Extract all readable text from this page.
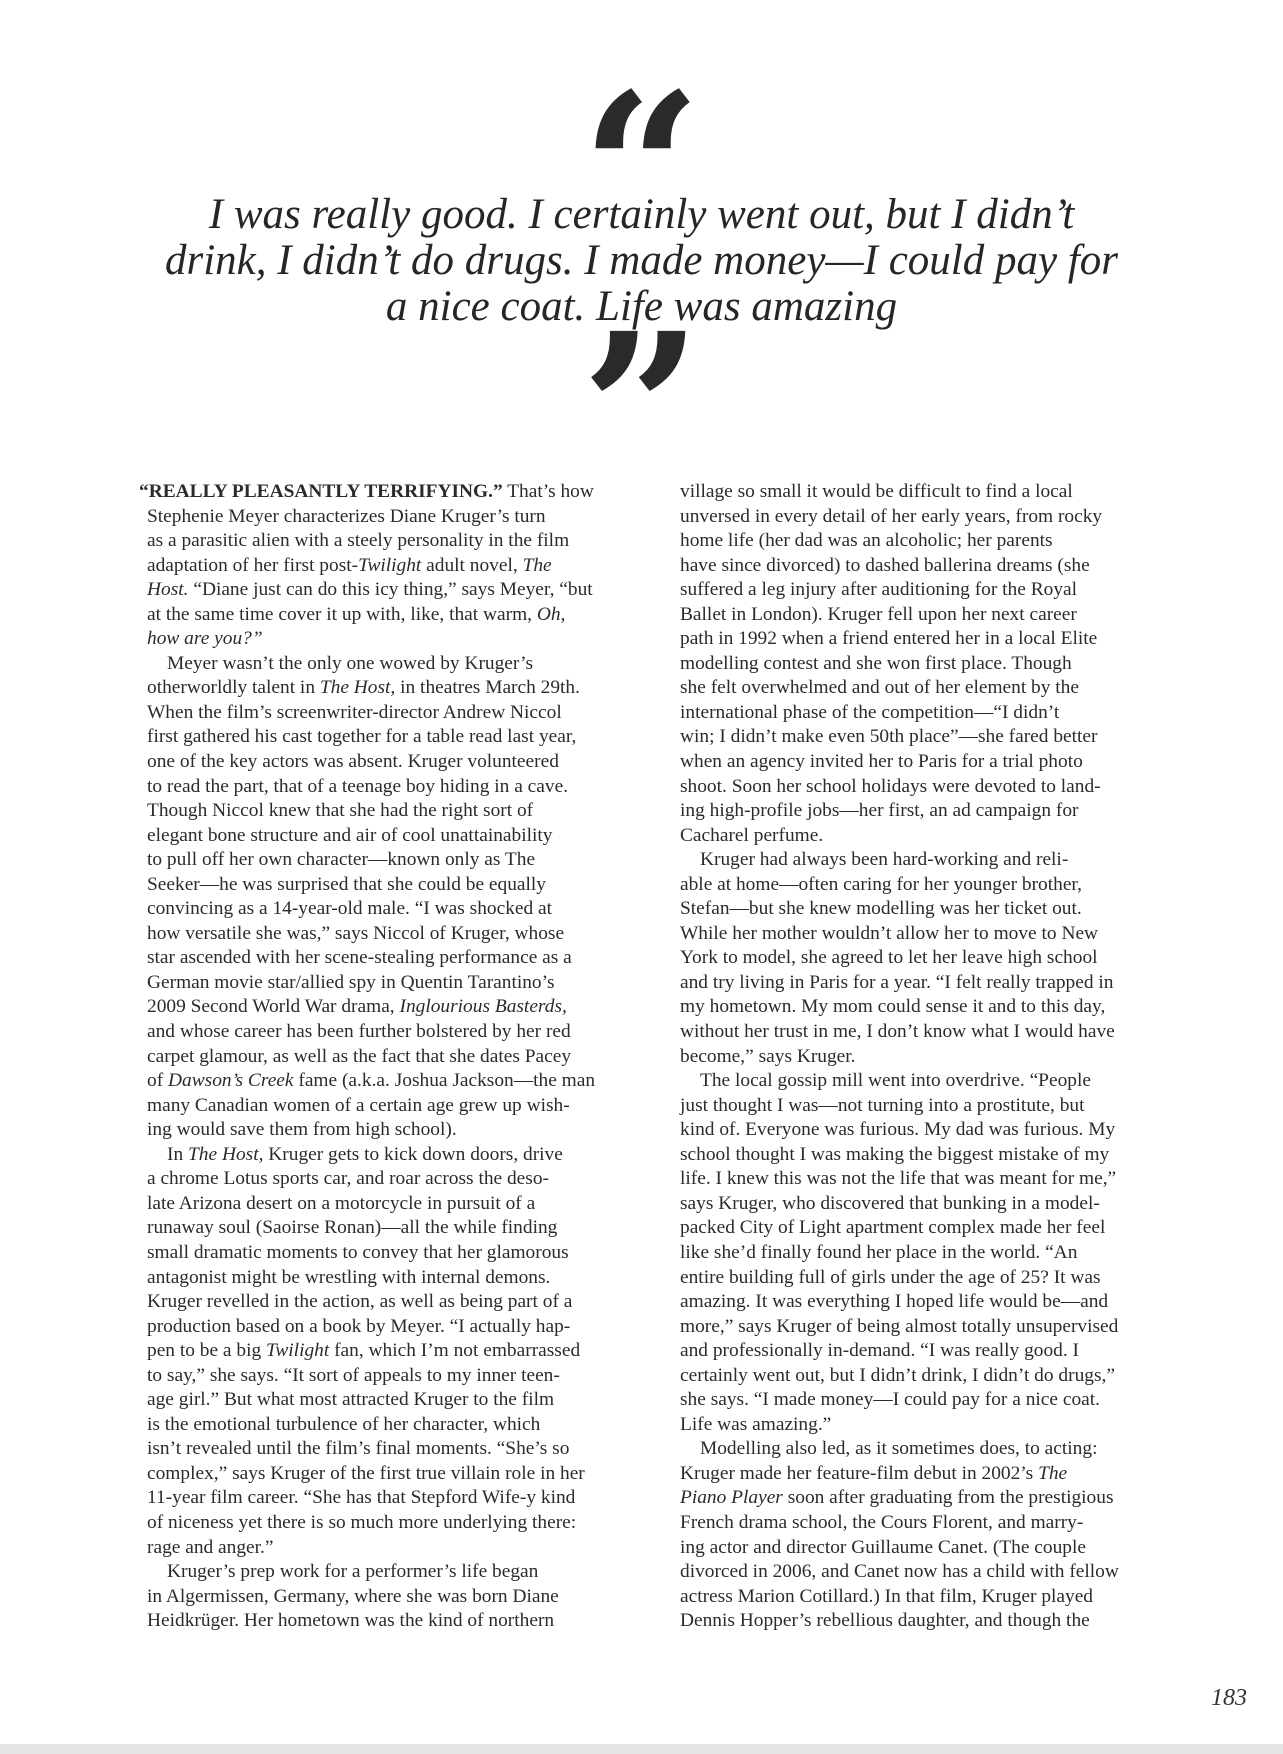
“
I was really good. I certainly went out, but I didn’t
drink, I didn’t do drugs. I made money—I could pay for
a nice coat. Life was amazing
”
“REALLY PLEASANTLY TERRIFYING.” That’s how
Stephenie Meyer characterizes Diane Kruger’s turn
as a parasitic alien with a steely personality in the film
adaptation of her first post-Twilight adult novel, The
Host. “Diane just can do this icy thing,” says Meyer, “but
at the same time cover it up with, like, that warm, Oh,
how are you?”
Meyer wasn’t the only one wowed by Kruger’s
otherworldly talent in The Host, in theatres March 29th.
When the film’s screenwriter-director Andrew Niccol
first gathered his cast together for a table read last year,
one of the key actors was absent. Kruger volunteered
to read the part, that of a teenage boy hiding in a cave.
Though Niccol knew that she had the right sort of
elegant bone structure and air of cool unattainability
to pull off her own character—known only as The
Seeker—he was surprised that she could be equally
convincing as a 14-year-old male. “I was shocked at
how versatile she was,” says Niccol of Kruger, whose
star ascended with her scene-stealing performance as a
German movie star/allied spy in Quentin Tarantino’s
2009 Second World War drama, Inglourious Basterds,
and whose career has been further bolstered by her red
carpet glamour, as well as the fact that she dates Pacey
of Dawson’s Creek fame (a.k.a. Joshua Jackson—the man
many Canadian women of a certain age grew up wish-
ing would save them from high school).
In The Host, Kruger gets to kick down doors, drive
a chrome Lotus sports car, and roar across the deso-
late Arizona desert on a motorcycle in pursuit of a
runaway soul (Saoirse Ronan)—all the while finding
small dramatic moments to convey that her glamorous
antagonist might be wrestling with internal demons.
Kruger revelled in the action, as well as being part of a
production based on a book by Meyer. “I actually hap-
pen to be a big Twilight fan, which I’m not embarrassed
to say,” she says. “It sort of appeals to my inner teen-
age girl.” But what most attracted Kruger to the film
is the emotional turbulence of her character, which
isn’t revealed until the film’s final moments. “She’s so
complex,” says Kruger of the first true villain role in her
11-year film career. “She has that Stepford Wife-y kind
of niceness yet there is so much more underlying there:
rage and anger.”
Kruger’s prep work for a performer’s life began
in Algermissen, Germany, where she was born Diane
Heidkrüger. Her hometown was the kind of northern
village so small it would be difficult to find a local
unversed in every detail of her early years, from rocky
home life (her dad was an alcoholic; her parents
have since divorced) to dashed ballerina dreams (she
suffered a leg injury after auditioning for the Royal
Ballet in London). Kruger fell upon her next career
path in 1992 when a friend entered her in a local Elite
modelling contest and she won first place. Though
she felt overwhelmed and out of her element by the
international phase of the competition—“I didn’t
win; I didn’t make even 50th place”—she fared better
when an agency invited her to Paris for a trial photo
shoot. Soon her school holidays were devoted to land-
ing high-profile jobs—her first, an ad campaign for
Cacharel perfume.
Kruger had always been hard-working and reli-
able at home—often caring for her younger brother,
Stefan—but she knew modelling was her ticket out.
While her mother wouldn’t allow her to move to New
York to model, she agreed to let her leave high school
and try living in Paris for a year. “I felt really trapped in
my hometown. My mom could sense it and to this day,
without her trust in me, I don’t know what I would have
become,” says Kruger.
The local gossip mill went into overdrive. “People
just thought I was—not turning into a prostitute, but
kind of. Everyone was furious. My dad was furious. My
school thought I was making the biggest mistake of my
life. I knew this was not the life that was meant for me,”
says Kruger, who discovered that bunking in a model-
packed City of Light apartment complex made her feel
like she’d finally found her place in the world. “An
entire building full of girls under the age of 25? It was
amazing. It was everything I hoped life would be—and
more,” says Kruger of being almost totally unsupervised
and professionally in-demand. “I was really good. I
certainly went out, but I didn’t drink, I didn’t do drugs,”
she says. “I made money—I could pay for a nice coat.
Life was amazing.”
Modelling also led, as it sometimes does, to acting:
Kruger made her feature-film debut in 2002’s The
Piano Player soon after graduating from the prestigious
French drama school, the Cours Florent, and marry-
ing actor and director Guillaume Canet. (The couple
divorced in 2006, and Canet now has a child with fellow
actress Marion Cotillard.) In that film, Kruger played
Dennis Hopper’s rebellious daughter, and though the
183
